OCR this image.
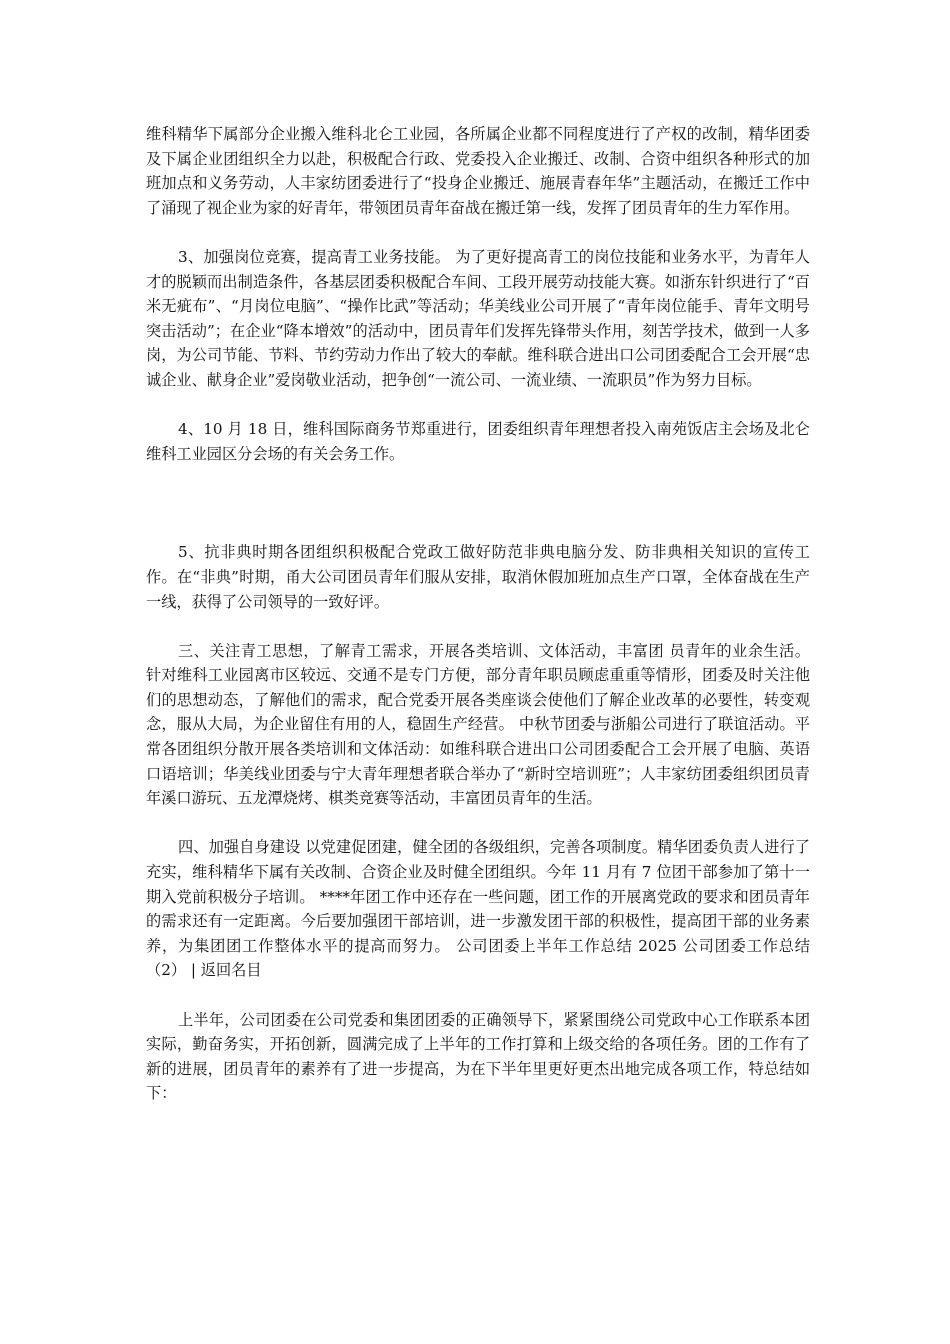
维科精华下属部分企业搬入维科北仑工业园，各所属企业都不同程度进行了产权的改制，精华团委及下属企业团组织全力以赴，积极配合行政、党委投入企业搬迁、改制、合资中组织各种形式的加班加点和义务劳动，人丰家纺团委进行了“投身企业搬迁、施展青春年华”主题活动，在搬迁工作中了涌现了视企业为家的好青年，带领团员青年奋战在搬迁第一线，发挥了团员青年的生力军作用。

3、加强岗位竞赛，提高青工业务技能。 为了更好提高青工的岗位技能和业务水平，为青年人才的脱颖而出制造条件，各基层团委积极配合车间、工段开展劳动技能大赛。如浙东针织进行了“百米无疵布”、“月岗位电脑”、“操作比武”等活动；华美线业公司开展了“青年岗位能手、青年文明号突击活动”；在企业“降本增效”的活动中，团员青年们发挥先锋带头作用，刻苦学技术，做到一人多岗，为公司节能、节料、节约劳动力作出了较大的奉献。维科联合进出口公司团委配合工会开展“忠诚企业、献身企业”爱岗敬业活动，把争创“一流公司、一流业绩、一流职员”作为努力目标。

4、10 月 18 日，维科国际商务节郑重进行，团委组织青年理想者投入南苑饭店主会场及北仑维科工业园区分会场的有关会务工作。

5、抗非典时期各团组织积极配合党政工做好防范非典电脑分发、防非典相关知识的宣传工作。在“非典”时期，甬大公司团员青年们服从安排，取消休假加班加点生产口罩，全体奋战在生产一线，获得了公司领导的一致好评。

三、关注青工思想，了解青工需求，开展各类培训、文体活动，丰富团 员青年的业余生活。 针对维科工业园离市区较远、交通不是专门方便，部分青年职员顾虑重重等情形，团委及时关注他们的思想动态，了解他们的需求，配合党委开展各类座谈会使他们了解企业改革的必要性，转变观念，服从大局，为企业留住有用的人，稳固生产经营。 中秋节团委与浙船公司进行了联谊活动。平常各团组织分散开展各类培训和文体活动：如维科联合进出口公司团委配合工会开展了电脑、英语口语培训；华美线业团委与宁大青年理想者联合举办了“新时空培训班”；人丰家纺团委组织团员青年溪口游玩、五龙潭烧烤、棋类竞赛等活动，丰富团员青年的生活。

四、加强自身建设 以党建促团建，健全团的各级组织，完善各项制度。精华团委负责人进行了充实，维科精华下属有关改制、合资企业及时健全团组织。今年 11 月有 7 位团干部参加了第十一期入党前积极分子培训。 ****年团工作中还存在一些问题，团工作的开展离党政的要求和团员青年的需求还有一定距离。今后要加强团干部培训，进一步激发团干部的积极性，提高团干部的业务素养，为集团团工作整体水平的提高而努力。 公司团委上半年工作总结 2025 公司团委工作总结（2） | 返回名目

上半年，公司团委在公司党委和集团团委的正确领导下，紧紧围绕公司党政中心工作联系本团实际，勤奋务实，开拓创新，圆满完成了上半年的工作打算和上级交给的各项任务。团的工作有了新的进展，团员青年的素养有了进一步提高，为在下半年里更好更杰出地完成各项工作，特总结如下：
